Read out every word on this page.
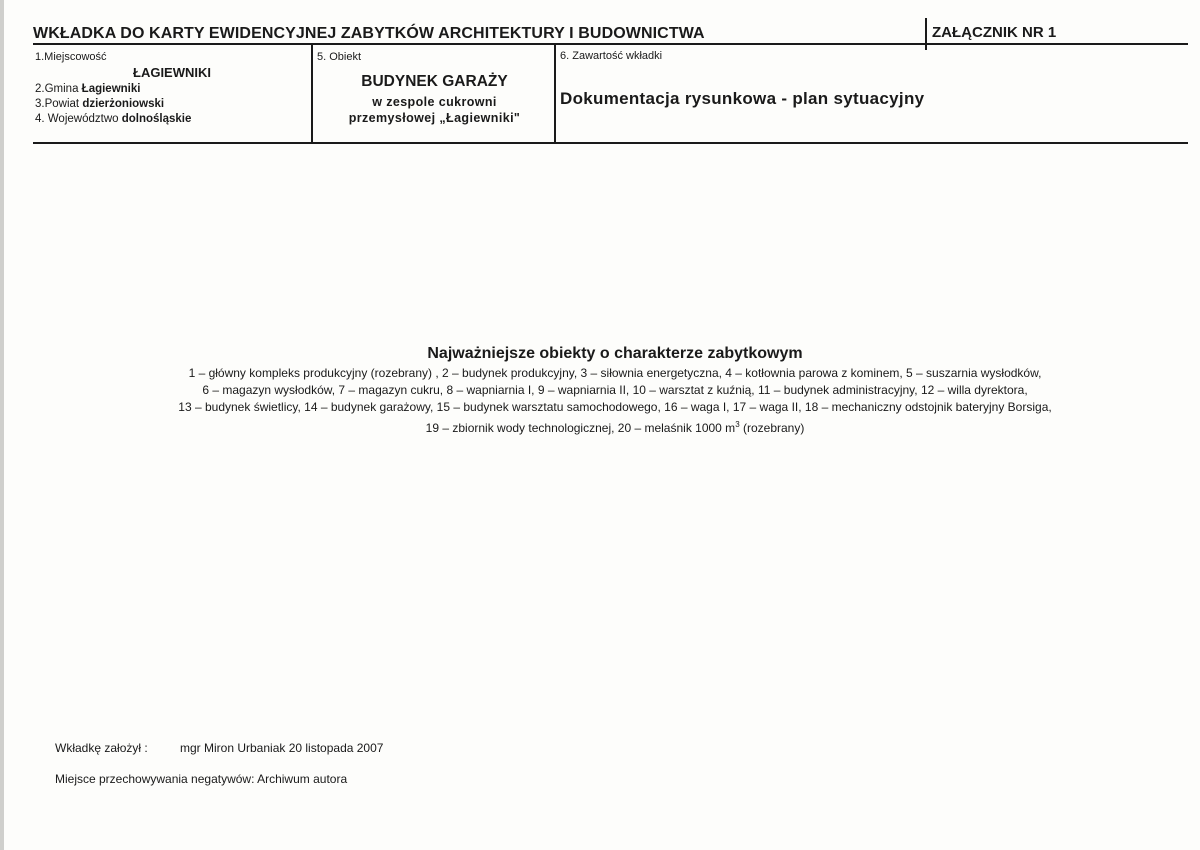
WKŁADKA DO KARTY EWIDENCYJNEJ ZABYTKÓW ARCHITEKTURY I BUDOWNICTWA	ZAŁĄCZNIK NR 1
1.Miejscowość
ŁAGIEWNIKI
2.Gmina Łagiewniki
3.Powiat dzierżoniowski
4. Województwo dolnośląskie
5. Obiekt
BUDYNEK GARAŻY
w zespole cukrowni
przemysłowej „Łagiewniki"
6. Zawartość wkładki
Dokumentacja rysunkowa - plan sytuacyjny
Najważniejsze obiekty o charakterze zabytkowym
1 – główny kompleks produkcyjny (rozebrany) , 2 – budynek produkcyjny, 3 – siłownia energetyczna, 4 – kotłownia parowa z kominem, 5 – suszarnia wysłodków,
6 – magazyn wysłodków, 7 – magazyn cukru, 8 – wapniarnia I, 9 – wapniarnia II, 10 – warsztat z kuźnią, 11 – budynek administracyjny, 12 – willa dyrektora,
13 – budynek świetlicy, 14 – budynek garażowy, 15 – budynek warsztatu samochodowego, 16 – waga I, 17 – waga II, 18 – mechaniczny odstojnik bateryjny Borsiga,
19 – zbiornik wody technologicznej, 20 – melaśnik 1000 $m^3$ (rozebrany)
Wkładkę założył :	mgr Miron Urbaniak 20 listopada 2007
Miejsce przechowywania negatywów: Archiwum autora
